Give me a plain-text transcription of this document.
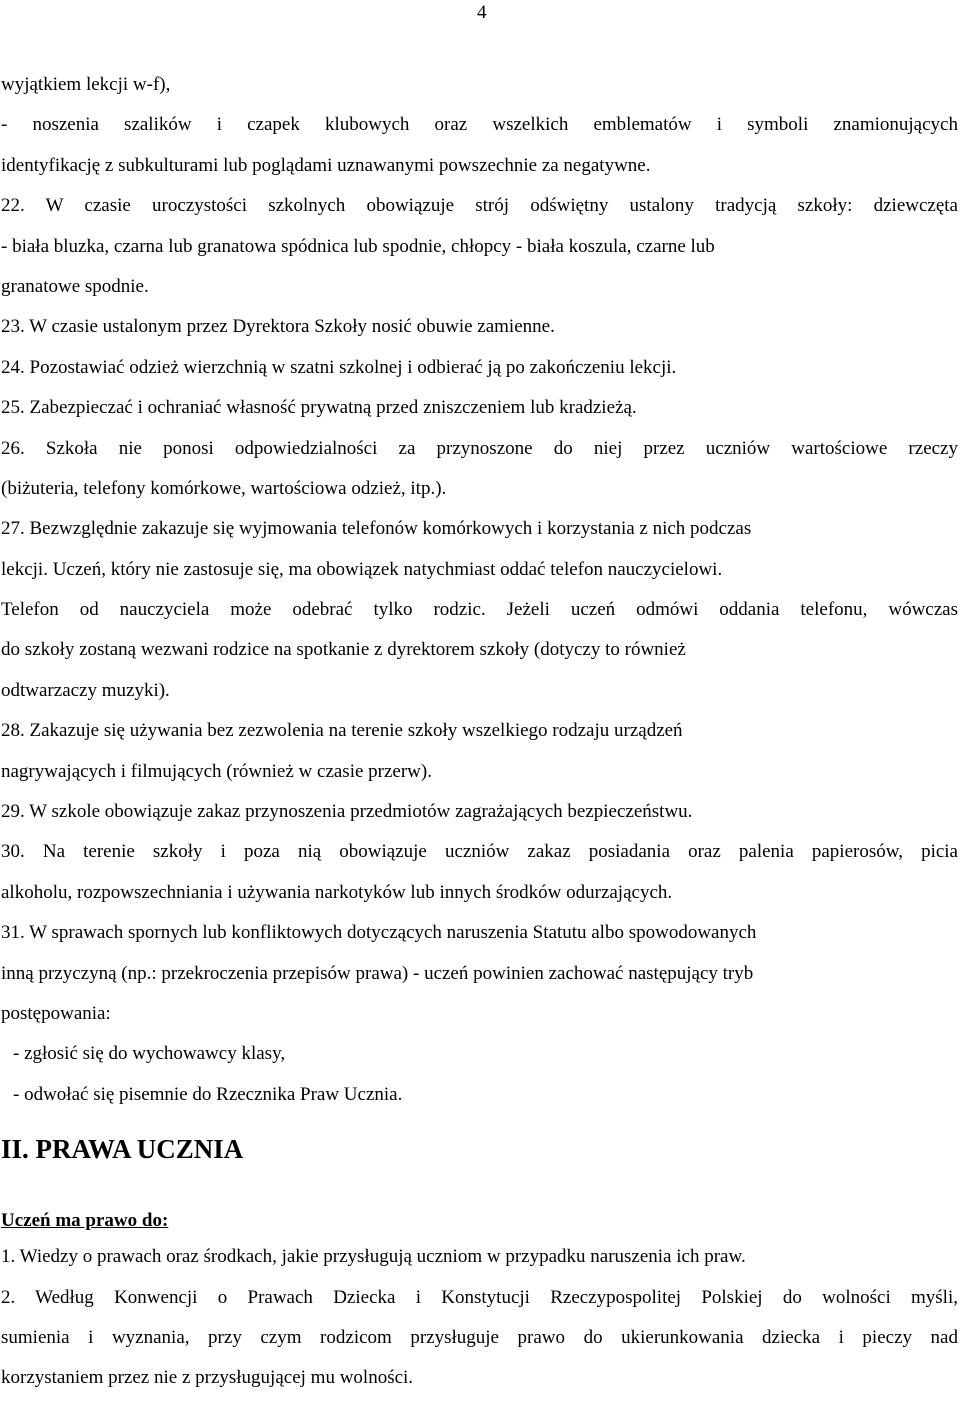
4
wyjątkiem lekcji w-f),
- noszenia szalików i czapek klubowych oraz wszelkich emblematów i symboli znamionujących
identyfikację z subkulturami lub poglądami uznawanymi powszechnie za negatywne.
22. W czasie uroczystości szkolnych obowiązuje strój odświętny ustalony tradycją szkoły: dziewczęta
- biała bluzka, czarna lub granatowa spódnica lub spodnie, chłopcy - biała koszula, czarne lub
granatowe spodnie.
23. W czasie ustalonym przez Dyrektora Szkoły nosić obuwie zamienne.
24. Pozostawiać odzież wierzchnią w szatni szkolnej i odbierać ją po zakończeniu lekcji.
25. Zabezpieczać i ochraniać własność prywatną przed zniszczeniem lub kradzieżą.
26. Szkoła nie ponosi odpowiedzialności za przynoszone do niej przez uczniów wartościowe rzeczy
(biżuteria, telefony komórkowe, wartościowa odzież, itp.).
27. Bezwzględnie zakazuje się wyjmowania telefonów komórkowych i korzystania z nich podczas
lekcji. Uczeń, który nie zastosuje się, ma obowiązek natychmiast oddać telefon nauczycielowi.
Telefon od nauczyciela może odebrać tylko rodzic. Jeżeli uczeń odmówi oddania telefonu, wówczas
do szkoły zostaną wezwani rodzice na spotkanie z dyrektorem szkoły (dotyczy to również
odtwarzaczy muzyki).
28. Zakazuje się używania bez zezwolenia na terenie szkoły wszelkiego rodzaju urządzeń
nagrywających i filmujących (również w czasie przerw).
29. W szkole obowiązuje zakaz przynoszenia przedmiotów zagrażających bezpieczeństwu.
30. Na terenie szkoły i poza nią obowiązuje uczniów zakaz posiadania oraz palenia papierosów, picia
alkoholu, rozpowszechniania i używania narkotyków lub innych środków odurzających.
31. W sprawach spornych lub konfliktowych dotyczących naruszenia Statutu albo spowodowanych
inną przyczyną (np.: przekroczenia przepisów prawa) - uczeń powinien zachować następujący tryb
postępowania:
- zgłosić się do wychowawcy klasy,
- odwołać się pisemnie do Rzecznika Praw Ucznia.
II. PRAWA UCZNIA
Uczeń ma prawo do:
1. Wiedzy o prawach oraz środkach, jakie przysługują uczniom w przypadku naruszenia ich praw.
2. Według Konwencji o Prawach Dziecka i Konstytucji Rzeczypospolitej Polskiej do wolności myśli,
sumienia i wyznania, przy czym rodzicom przysługuje prawo do ukierunkowania dziecka i pieczy nad
korzystaniem przez nie z przysługującej mu wolności.
